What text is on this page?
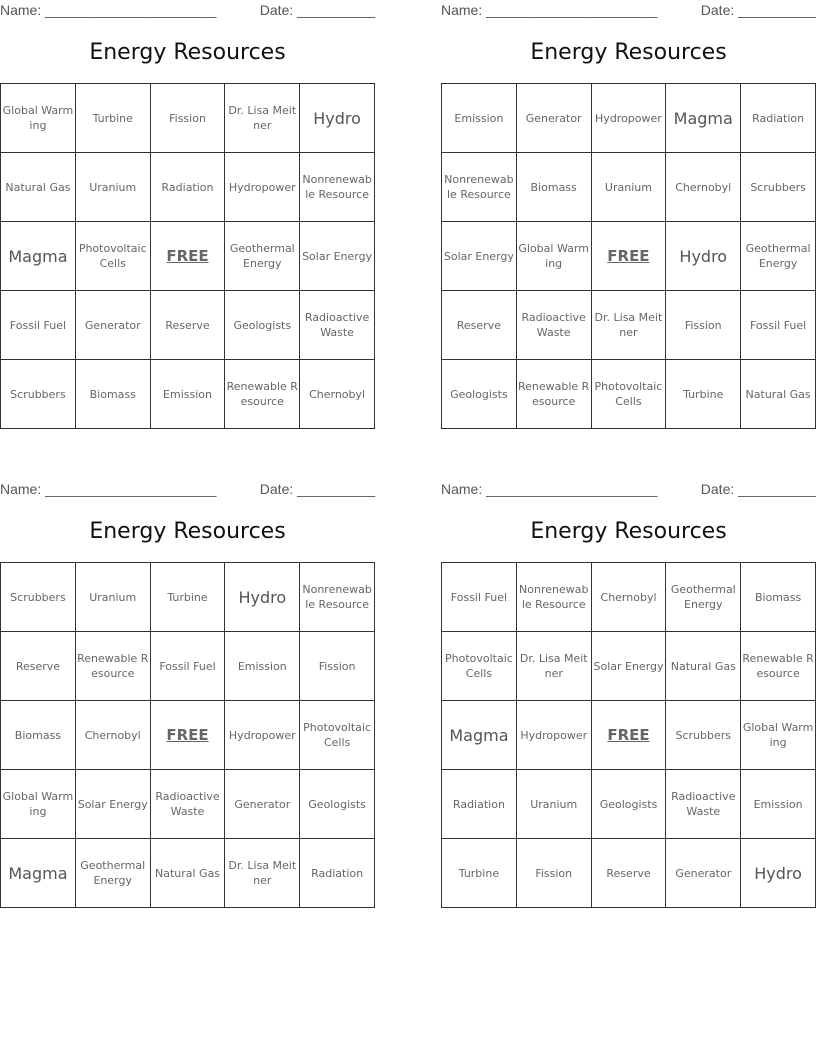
Name: ______________________	Date: __________
Energy Resources
Global Warming	Turbine	Fission	Dr. Lisa Meitner	Hydro
Natural Gas	Uranium	Radiation	Hydropower	Nonrenewable Resource
Magma	Photovoltaic Cells	FREE	Geothermal Energy	Solar Energy
Fossil Fuel	Generator	Reserve	Geologists	Radioactive Waste
Scrubbers	Biomass	Emission	Renewable Resource	Chernobyl
Name: ______________________	Date: __________
Energy Resources
Emission	Generator	Hydropower	Magma	Radiation
Nonrenewable Resource	Biomass	Uranium	Chernobyl	Scrubbers
Solar Energy	Global Warming	FREE	Hydro	Geothermal Energy
Reserve	Radioactive Waste	Dr. Lisa Meitner	Fission	Fossil Fuel
Geologists	Renewable Resource	Photovoltaic Cells	Turbine	Natural Gas
Name: ______________________	Date: __________
Energy Resources
Scrubbers	Uranium	Turbine	Hydro	Nonrenewable Resource
Reserve	Renewable Resource	Fossil Fuel	Emission	Fission
Biomass	Chernobyl	FREE	Hydropower	Photovoltaic Cells
Global Warming	Solar Energy	Radioactive Waste	Generator	Geologists
Magma	Geothermal Energy	Natural Gas	Dr. Lisa Meitner	Radiation
Name: ______________________	Date: __________
Energy Resources
Fossil Fuel	Nonrenewable Resource	Chernobyl	Geothermal Energy	Biomass
Photovoltaic Cells	Dr. Lisa Meitner	Solar Energy	Natural Gas	Renewable Resource
Magma	Hydropower	FREE	Scrubbers	Global Warming
Radiation	Uranium	Geologists	Radioactive Waste	Emission
Turbine	Fission	Reserve	Generator	Hydro
